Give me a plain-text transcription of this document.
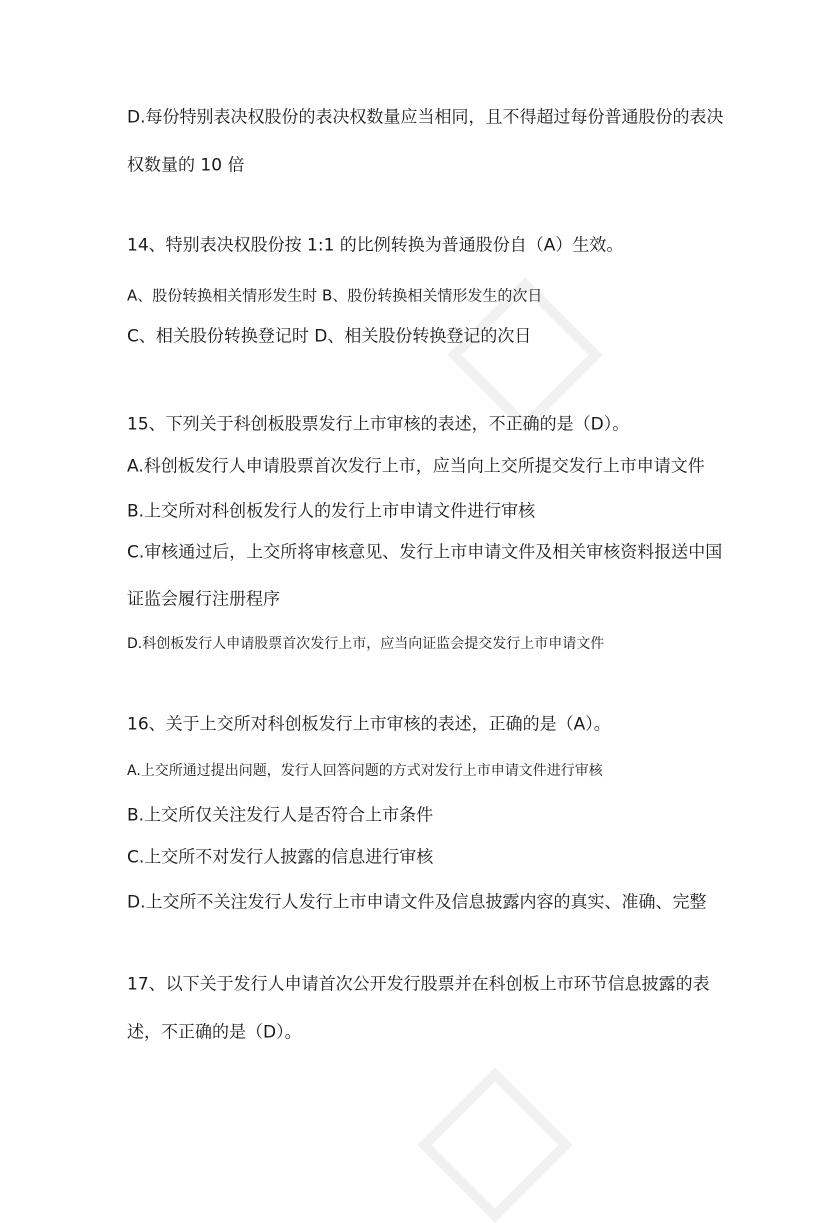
D.每份特别表决权股份的表决权数量应当相同，且不得超过每份普通股份的表决
权数量的 10 倍
14、特别表决权股份按 1:1 的比例转换为普通股份自（A）生效。
A、股份转换相关情形发生时 B、股份转换相关情形发生的次日
C、相关股份转换登记时 D、相关股份转换登记的次日
15、下列关于科创板股票发行上市审核的表述，不正确的是（D）。
A.科创板发行人申请股票首次发行上市，应当向上交所提交发行上市申请文件
B.上交所对科创板发行人的发行上市申请文件进行审核
C.审核通过后，上交所将审核意见、发行上市申请文件及相关审核资料报送中国
证监会履行注册程序
D.科创板发行人申请股票首次发行上市，应当向证监会提交发行上市申请文件
16、关于上交所对科创板发行上市审核的表述，正确的是（A）。
A.上交所通过提出问题，发行人回答问题的方式对发行上市申请文件进行审核
B.上交所仅关注发行人是否符合上市条件
C.上交所不对发行人披露的信息进行审核
D.上交所不关注发行人发行上市申请文件及信息披露内容的真实、准确、完整
17、以下关于发行人申请首次公开发行股票并在科创板上市环节信息披露的表
述，不正确的是（D）。
